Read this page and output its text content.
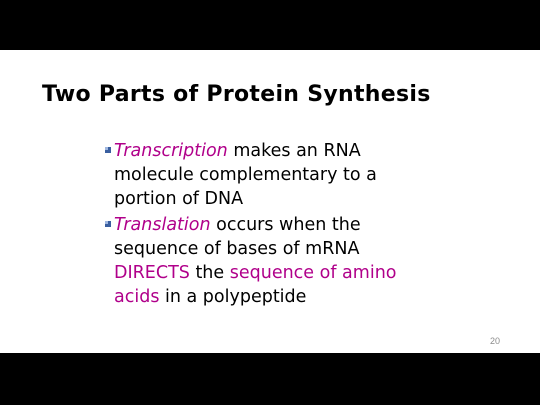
Two Parts of Protein Synthesis
Transcription makes an RNA molecule complementary to a portion of DNA
Translation occurs when the sequence of bases of mRNA DIRECTS the sequence of amino acids in a polypeptide
20
